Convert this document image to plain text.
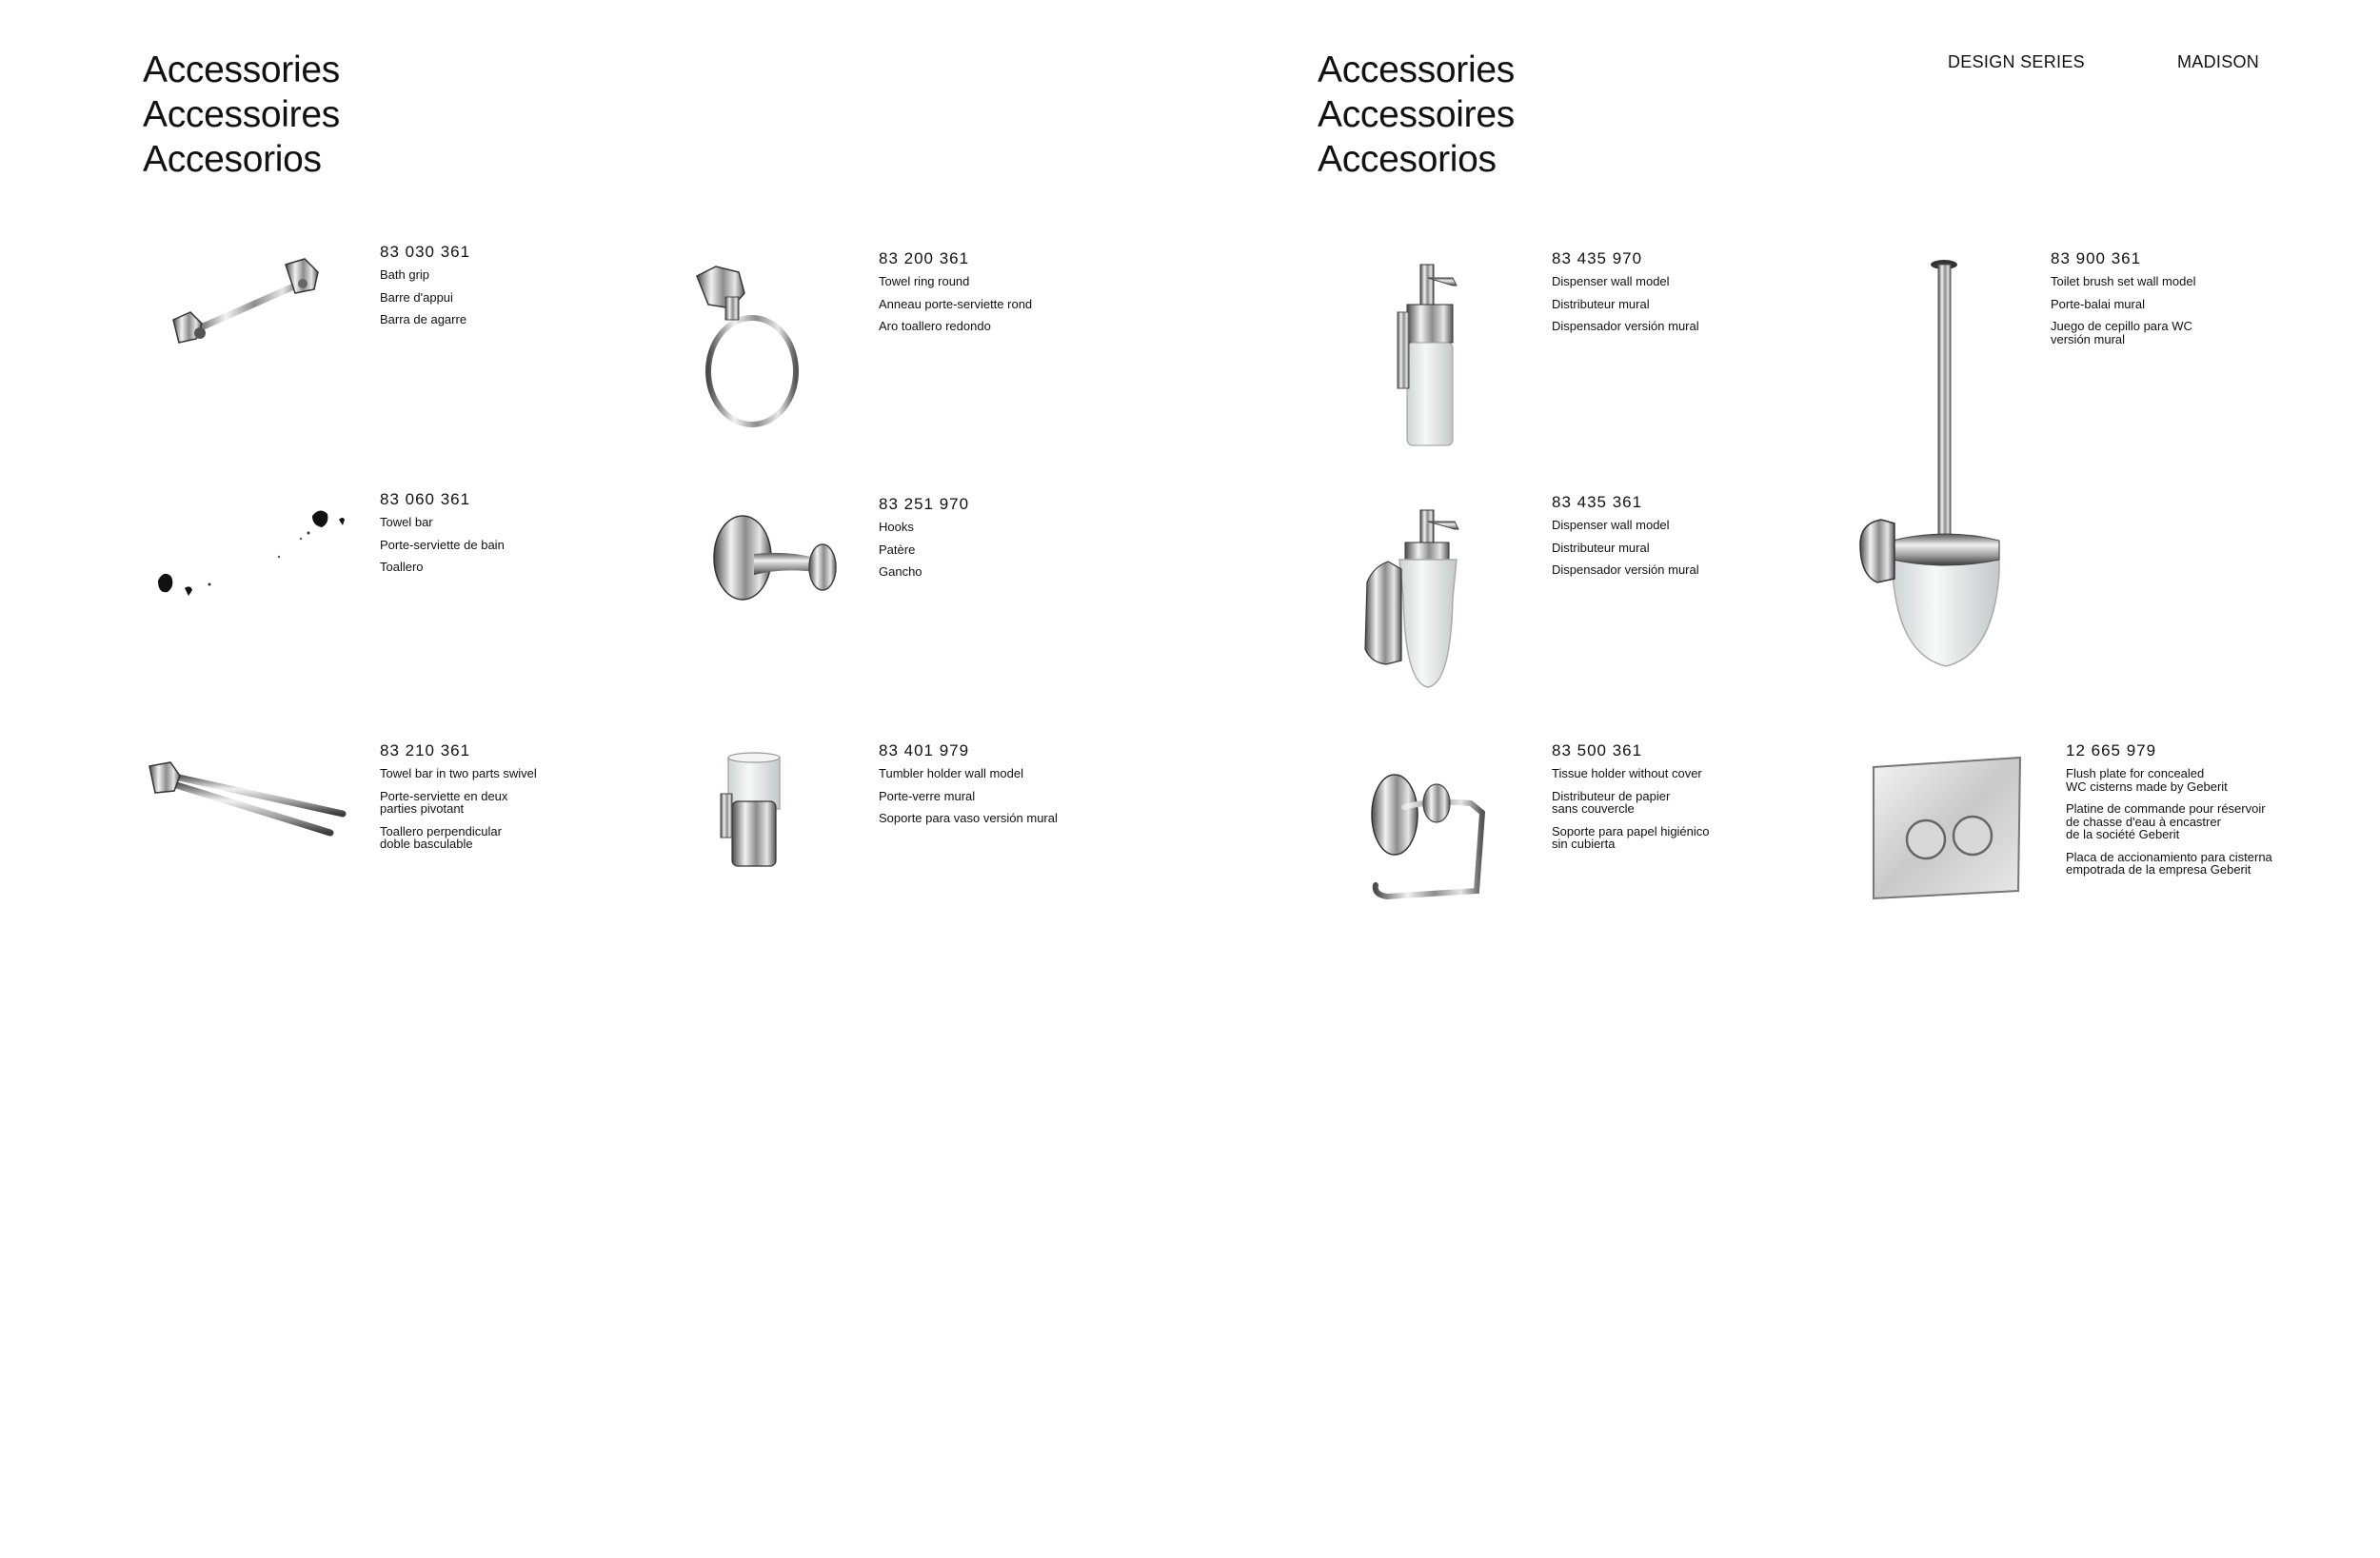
Accessories
Accessoires
Accesorios
Accessories
Accessoires
Accesorios
DESIGN SERIES	MADISON
83 030 361
Bath grip
Barre d'appui
Barra de agarre
83 200 361
Towel ring round
Anneau porte-serviette rond
Aro toallero redondo
83 060 361
Towel bar
Porte-serviette de bain
Toallero
83 251 970
Hooks
Patère
Gancho
83 210 361
Towel bar in two parts swivel
Porte-serviette en deux
parties pivotant
Toallero perpendicular
doble basculable
83 401 979
Tumbler holder wall model
Porte-verre mural
Soporte para vaso versión mural
83 435 970
Dispenser wall model
Distributeur mural
Dispensador versión mural
83 900 361
Toilet brush set wall model
Porte-balai mural
Juego de cepillo para WC
versión mural
83 435 361
Dispenser wall model
Distributeur mural
Dispensador versión mural
83 500 361
Tissue holder without cover
Distributeur de papier
sans couvercle
Soporte para papel higiénico
sin cubierta
12 665 979
Flush plate for concealed
WC cisterns made by Geberit
Platine de commande pour réservoir
de chasse d'eau à encastrer
de la société Geberit
Placa de accionamiento para cisterna
empotrada de la empresa Geberit
